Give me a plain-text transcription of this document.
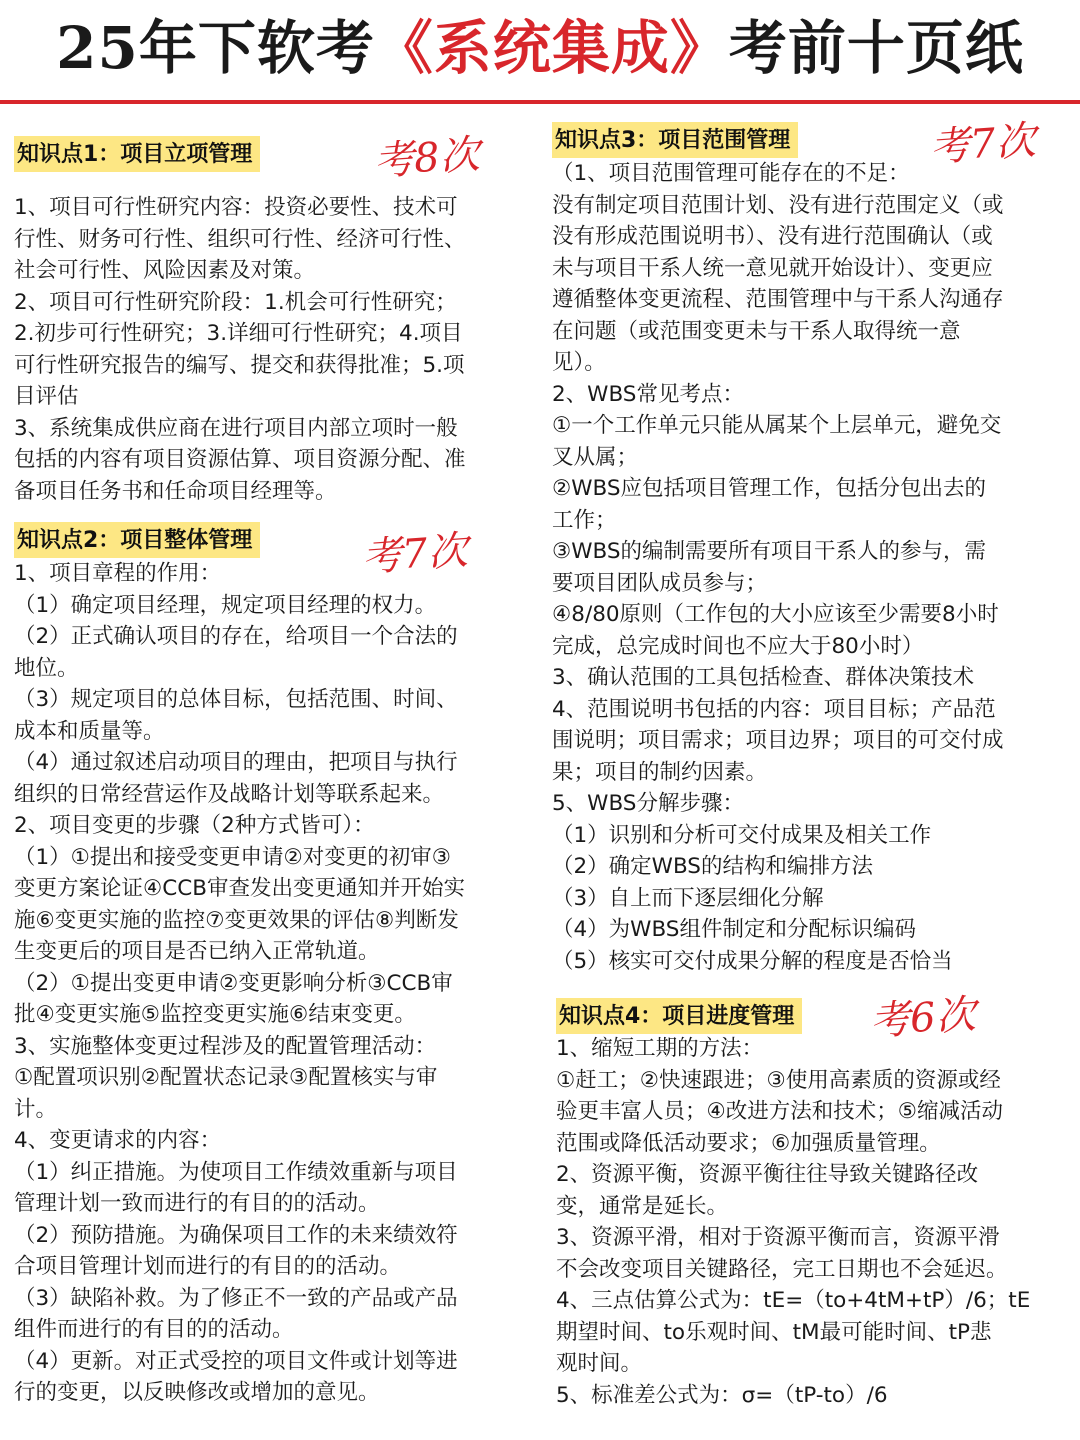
25年下软考《系统集成》考前十页纸
知识点1：项目立项管理	考8次

1、项目可行性研究内容：投资必要性、技术可

行性、财务可行性、组织可行性、经济可行性、

社会可行性、风险因素及对策。

2、项目可行性研究阶段：1.机会可行性研究；

2.初步可行性研究；3.详细可行性研究；4.项目

可行性研究报告的编写、提交和获得批准；5.项

目评估

3、系统集成供应商在进行项目内部立项时一般

包括的内容有项目资源估算、项目资源分配、准

备项目任务书和任命项目经理等。

知识点2：项目整体管理	考7次

1、项目章程的作用：

（1）确定项目经理，规定项目经理的权力。

（2）正式确认项目的存在，给项目一个合法的

地位。

（3）规定项目的总体目标，包括范围、时间、

成本和质量等。

（4）通过叙述启动项目的理由，把项目与执行

组织的日常经营运作及战略计划等联系起来。

2、项目变更的步骤（2种方式皆可）：

（1）①提出和接受变更申请②对变更的初审③

变更方案论证④CCB审查发出变更通知并开始实

施⑥变更实施的监控⑦变更效果的评估⑧判断发

生变更后的项目是否已纳入正常轨道。

（2）①提出变更申请②变更影响分析③CCB审

批④变更实施⑤监控变更实施⑥结束变更。

3、实施整体变更过程涉及的配置管理活动：

①配置项识别②配置状态记录③配置核实与审

计。

4、变更请求的内容：

（1）纠正措施。为使项目工作绩效重新与项目

管理计划一致而进行的有目的的活动。

（2）预防措施。为确保项目工作的未来绩效符

合项目管理计划而进行的有目的的活动。

（3）缺陷补救。为了修正不一致的产品或产品

组件而进行的有目的的活动。

（4）更新。对正式受控的项目文件或计划等进

行的变更，以反映修改或增加的意见。

知识点3：项目范围管理	考7次

（1、项目范围管理可能存在的不足：

没有制定项目范围计划、没有进行范围定义（或

没有形成范围说明书）、没有进行范围确认（或

未与项目干系人统一意见就开始设计）、变更应

遵循整体变更流程、范围管理中与干系人沟通存

在问题（或范围变更未与干系人取得统一意

见）。

2、WBS常见考点：

①一个工作单元只能从属某个上层单元，避免交

叉从属；

②WBS应包括项目管理工作，包括分包出去的

工作；

③WBS的编制需要所有项目干系人的参与，需

要项目团队成员参与；

④8/80原则（工作包的大小应该至少需要8小时

完成，总完成时间也不应大于80小时）

3、确认范围的工具包括检查、群体决策技术

4、范围说明书包括的内容：项目目标；产品范

围说明；项目需求；项目边界；项目的可交付成

果；项目的制约因素。

5、WBS分解步骤：

（1）识别和分析可交付成果及相关工作

（2）确定WBS的结构和编排方法

（3）自上而下逐层细化分解

（4）为WBS组件制定和分配标识编码

（5）核实可交付成果分解的程度是否恰当

知识点4：项目进度管理 考6次

1、缩短工期的方法：

①赶工；②快速跟进；③使用高素质的资源或经

验更丰富人员；④改进方法和技术；⑤缩减活动

范围或降低活动要求；⑥加强质量管理。

2、资源平衡，资源平衡往往导致关键路径改

变，通常是延长。

3、资源平滑，相对于资源平衡而言，资源平滑

不会改变项目关键路径，完工日期也不会延迟。

4、三点估算公式为：tE=（to+4tM+tP）/6；tE

期望时间、to乐观时间、tM最可能时间、tP悲

观时间。

5、标准差公式为：σ=（tP-to）/6
